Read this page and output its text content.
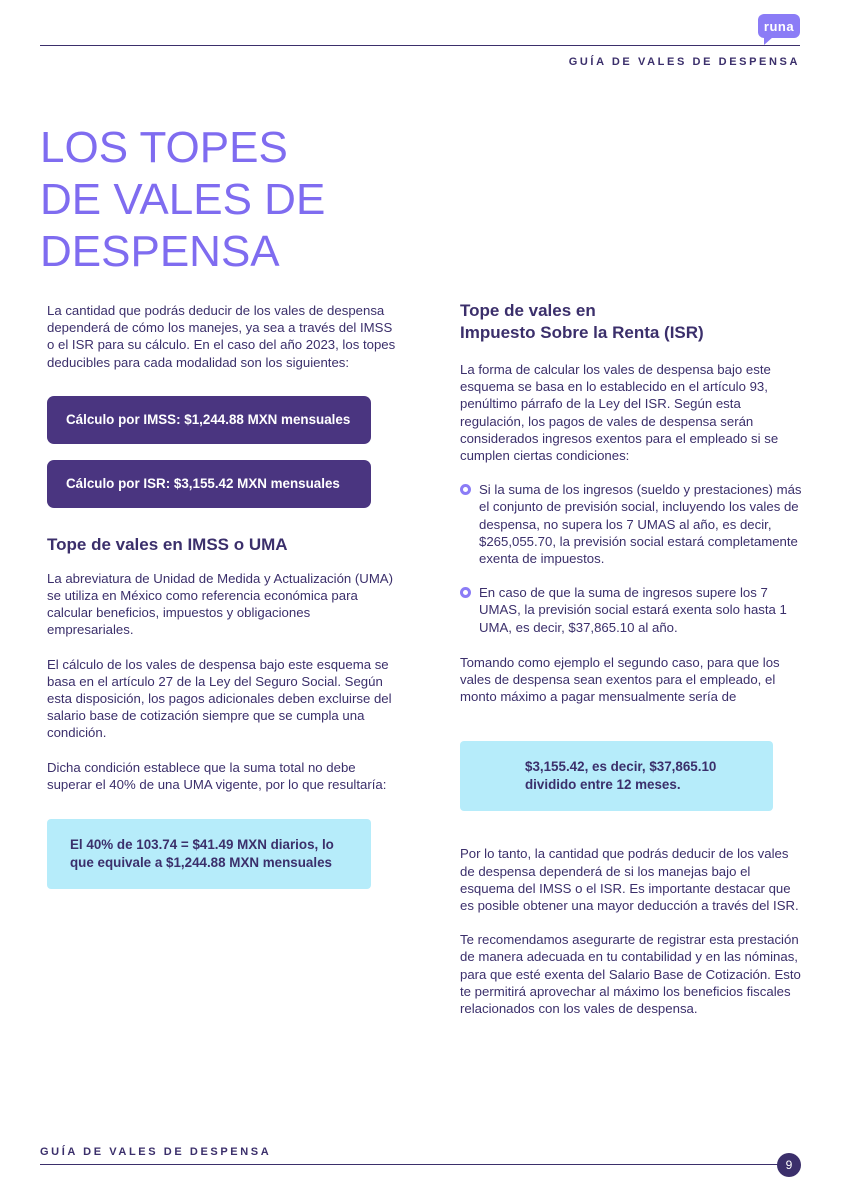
runa
GUÍA DE VALES DE DESPENSA
LOS TOPES
DE VALES DE
DESPENSA

La cantidad que podrás deducir de los vales de despensa dependerá de cómo los manejes, ya sea a través del IMSS o el ISR para su cálculo. En el caso del año 2023, los topes deducibles para cada modalidad son los siguientes:

Cálculo por IMSS: $1,244.88 MXN mensuales
Cálculo por ISR: $3,155.42 MXN mensuales
Tope de vales en IMSS o UMA

La abreviatura de Unidad de Medida y Actualización (UMA) se utiliza en México como referencia económica para calcular beneficios, impuestos y obligaciones empresariales.

El cálculo de los vales de despensa bajo este esquema se basa en el artículo 27 de la Ley del Seguro Social. Según esta disposición, los pagos adicionales deben excluirse del salario base de cotización siempre que se cumpla una condición.

Dicha condición establece que la suma total no debe superar el 40% de una UMA vigente, por lo que resultaría:

El 40% de 103.74 = $41.49 MXN diarios, lo que equivale a $1,244.88 MXN mensuales
Tope de vales en
Impuesto Sobre la Renta (ISR)

La forma de calcular los vales de despensa bajo este esquema se basa en lo establecido en el artículo 93, penúltimo párrafo de la Ley del ISR. Según esta regulación, los pagos de vales de despensa serán considerados ingresos exentos para el empleado si se cumplen ciertas condiciones:

Si la suma de los ingresos (sueldo y prestaciones) más el conjunto de previsión social, incluyendo los vales de despensa, no supera los 7 UMAS al año, es decir, $265,055.70, la previsión social estará completamente exenta de impuestos.
En caso de que la suma de ingresos supere los 7 UMAS, la previsión social estará exenta solo hasta 1 UMA, es decir, $37,865.10 al año.

Tomando como ejemplo el segundo caso, para que los vales de despensa sean exentos para el empleado, el monto máximo a pagar mensualmente sería de

$3,155.42, es decir, $37,865.10 dividido entre 12 meses.

Por lo tanto, la cantidad que podrás deducir de los vales de despensa dependerá de si los manejas bajo el esquema del IMSS o el ISR. Es importante destacar que es posible obtener una mayor deducción a través del ISR.

Te recomendamos asegurarte de registrar esta prestación de manera adecuada en tu contabilidad y en las nóminas, para que esté exenta del Salario Base de Cotización. Esto te permitirá aprovechar al máximo los beneficios fiscales relacionados con los vales de despensa.

GUÍA DE VALES DE DESPENSA
9
